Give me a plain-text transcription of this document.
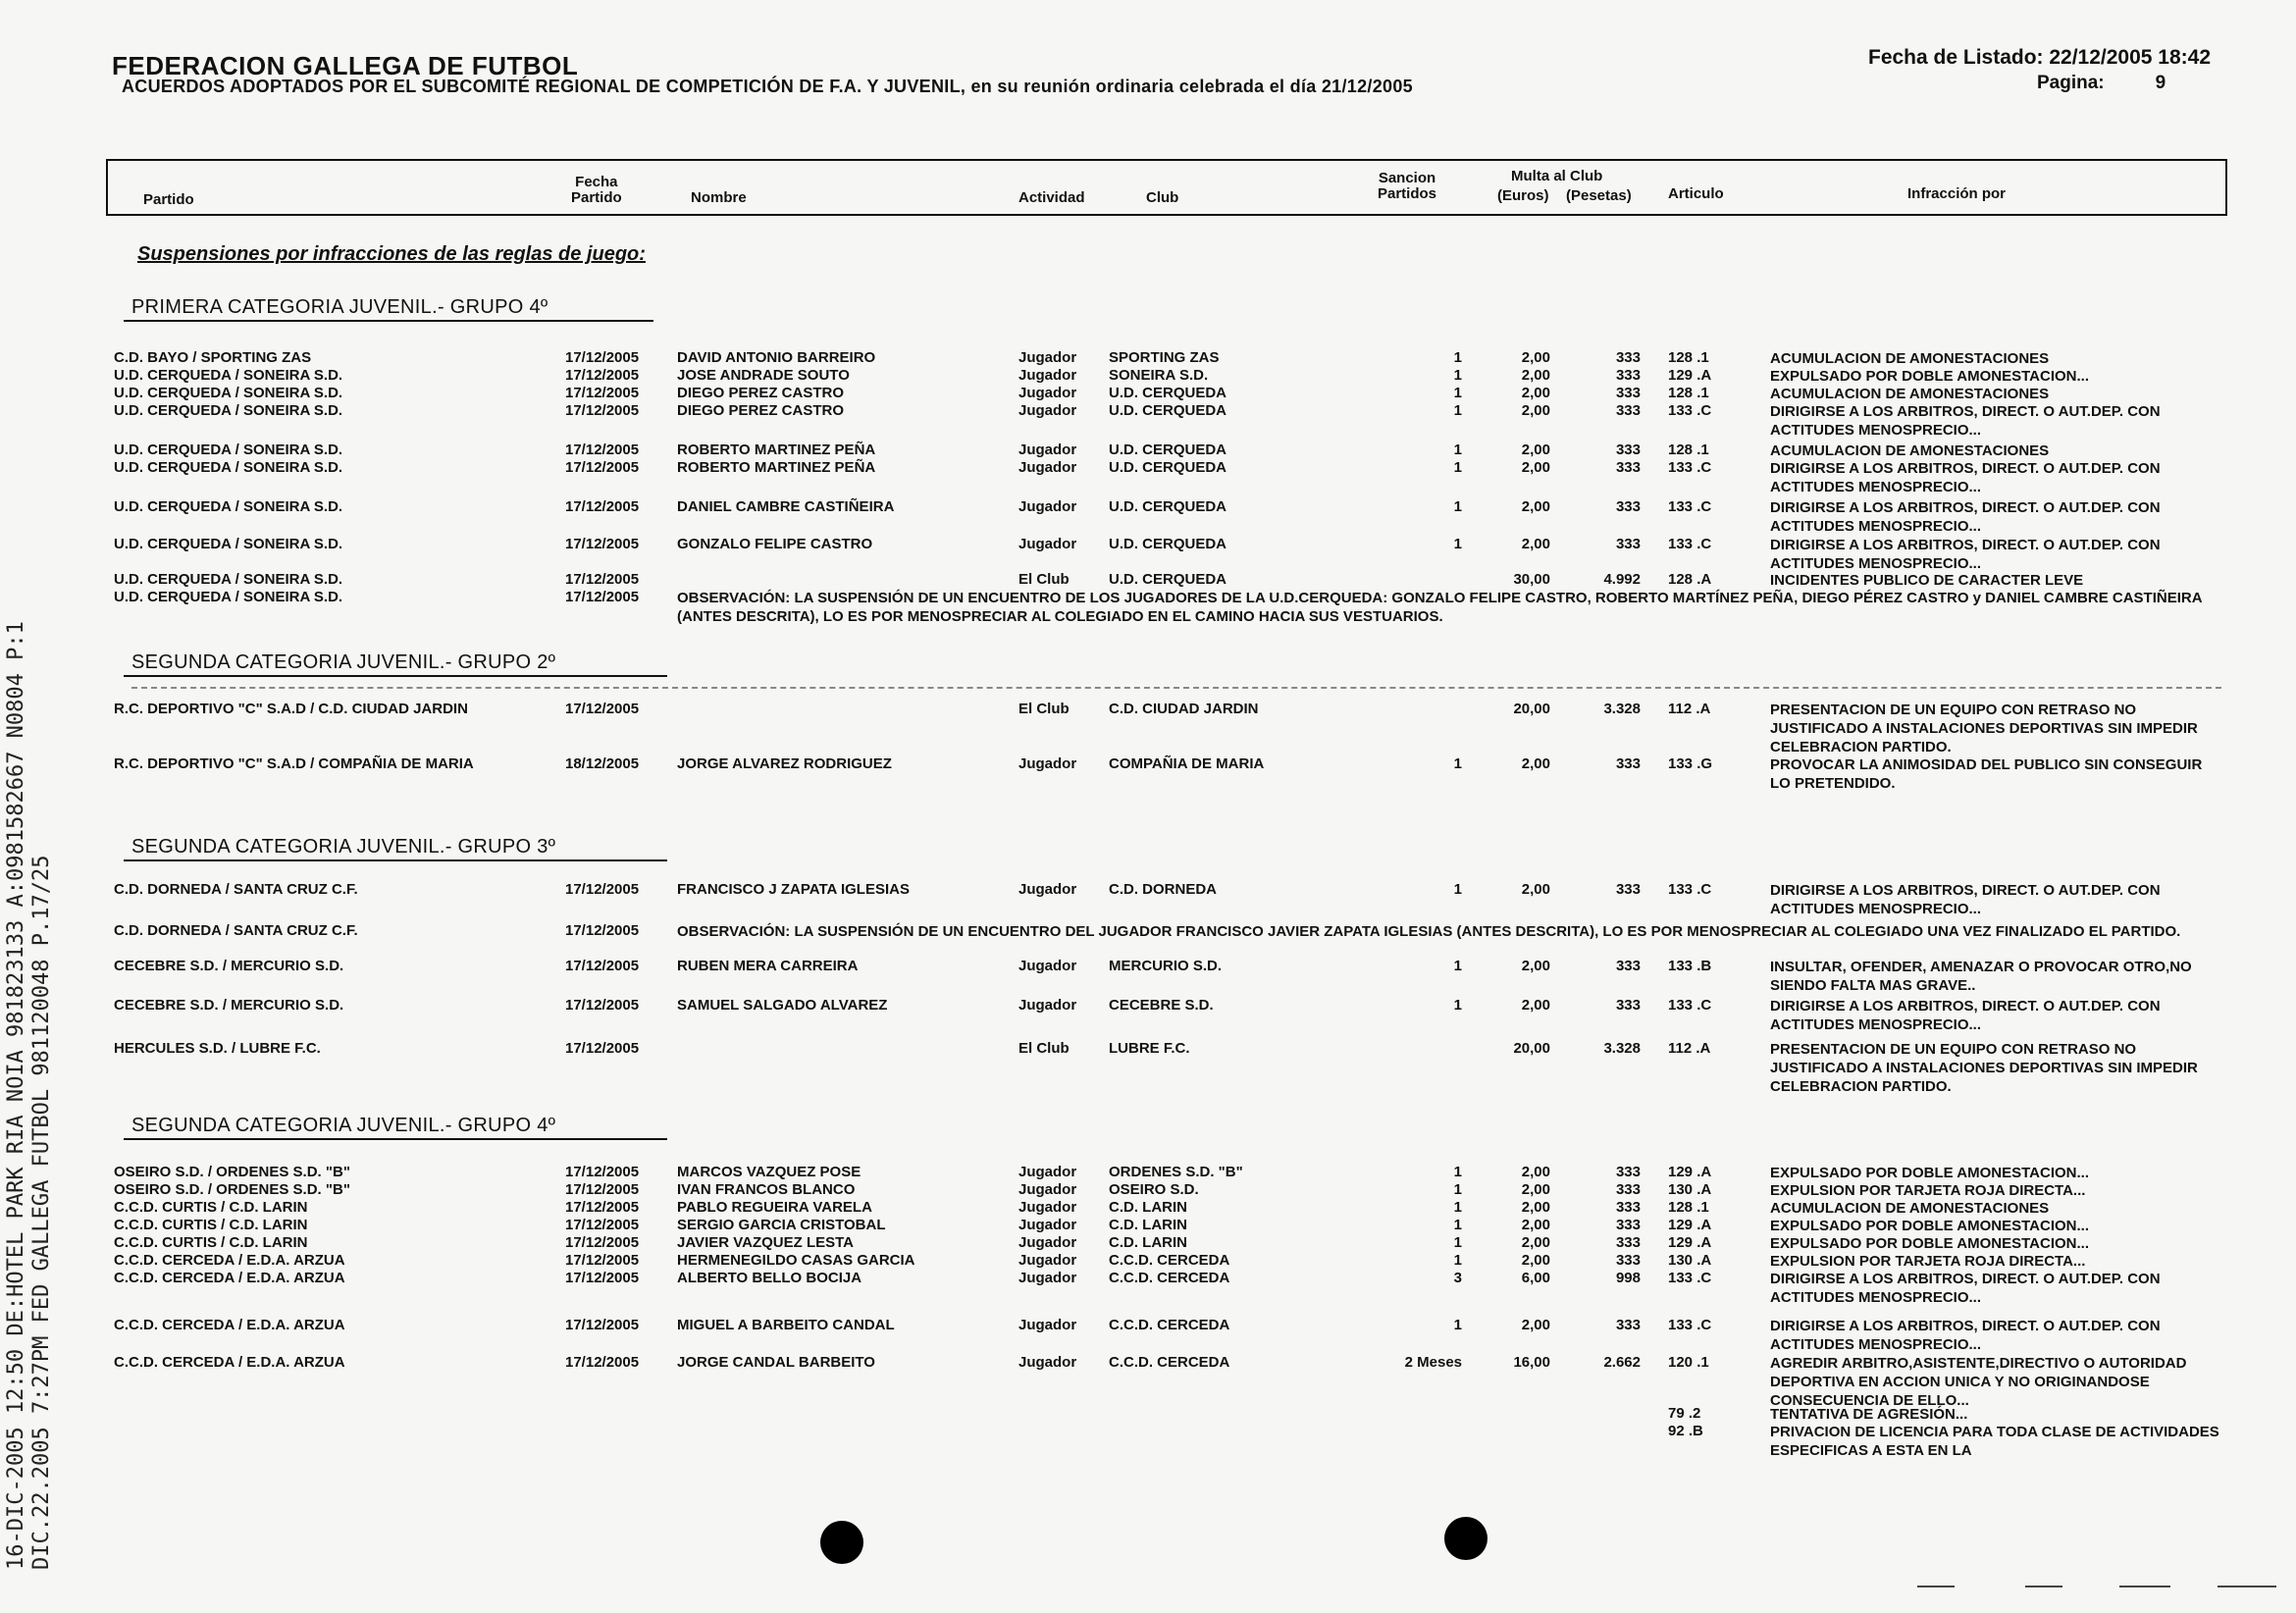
16-DIC-2005 12:50 DE:HOTEL PARK RIA NOIA 981823133 A:0981582667 N0804 P:1 DIC.22.2005 7:27PM FED GALLEGA FUTBOL 981120048 P.17/25
FEDERACION GALLEGA DE FUTBOL
ACUERDOS ADOPTADOS POR EL SUBCOMITÉ REGIONAL DE COMPETICIÓN DE F.A. Y JUVENIL, en su reunión ordinaria celebrada el día 21/12/2005
Fecha de Listado: 22/12/2005 18:42
Pagina:	9
Partido
Fecha
Partido	Nombre	Actividad	Club
Sancion
Partidos
Multa al Club
(Euros) (Pesetas) Articulo	Infracción por
Suspensiones por infracciones de las reglas de juego:
PRIMERA CATEGORIA JUVENIL.- GRUPO 4º
SEGUNDA CATEGORIA JUVENIL.- GRUPO 2º
SEGUNDA CATEGORIA JUVENIL.- GRUPO 3º
SEGUNDA CATEGORIA JUVENIL.- GRUPO 4º
C.D. BAYO / SPORTING ZAS	17/12/2005	DAVID ANTONIO BARREIRO	Jugador	SPORTING ZAS	1	2,00	333 128 .1	ACUMULACION DE AMONESTACIONES
U.D. CERQUEDA / SONEIRA S.D.	17/12/2005	JOSE ANDRADE SOUTO	Jugador	SONEIRA S.D.	1	2,00	333 129 .A	EXPULSADO POR DOBLE AMONESTACION...
U.D. CERQUEDA / SONEIRA S.D.	17/12/2005	DIEGO PEREZ CASTRO	Jugador	U.D. CERQUEDA	1	2,00	333 128 .1	ACUMULACION DE AMONESTACIONES
U.D. CERQUEDA / SONEIRA S.D.	17/12/2005	DIEGO PEREZ CASTRO	Jugador	U.D. CERQUEDA	1	2,00	333 133 .C	DIRIGIRSE A LOS ARBITROS, DIRECT. O AUT.DEP. CON ACTITUDES MENOSPRECIO...
U.D. CERQUEDA / SONEIRA S.D.	17/12/2005	ROBERTO MARTINEZ PEÑA	Jugador	U.D. CERQUEDA	1	2,00	333 128 .1	ACUMULACION DE AMONESTACIONES
U.D. CERQUEDA / SONEIRA S.D.	17/12/2005	ROBERTO MARTINEZ PEÑA	Jugador	U.D. CERQUEDA	1	2,00	333 133 .C	DIRIGIRSE A LOS ARBITROS, DIRECT. O AUT.DEP. CON ACTITUDES MENOSPRECIO...
U.D. CERQUEDA / SONEIRA S.D.	17/12/2005	DANIEL CAMBRE CASTIÑEIRA	Jugador	U.D. CERQUEDA	1	2,00	333 133 .C	DIRIGIRSE A LOS ARBITROS, DIRECT. O AUT.DEP. CON ACTITUDES MENOSPRECIO...
U.D. CERQUEDA / SONEIRA S.D.	17/12/2005	GONZALO FELIPE CASTRO	Jugador	U.D. CERQUEDA	1	2,00	333 133 .C	DIRIGIRSE A LOS ARBITROS, DIRECT. O AUT.DEP. CON ACTITUDES MENOSPRECIO...
U.D. CERQUEDA / SONEIRA S.D.	17/12/2005	El Club	U.D. CERQUEDA	30,00	4.992 128 .A	INCIDENTES PUBLICO DE CARACTER LEVE
U.D. CERQUEDA / SONEIRA S.D.	17/12/2005	OBSERVACIÓN: LA SUSPENSIÓN DE UN ENCUENTRO DE LOS JUGADORES DE LA U.D.CERQUEDA: GONZALO FELIPE CASTRO, ROBERTO MARTÍNEZ PEÑA, DIEGO PÉREZ CASTRO y DANIEL CAMBRE CASTIÑEIRA (ANTES DESCRITA), LO ES POR MENOSPRECIAR AL COLEGIADO EN EL CAMINO HACIA SUS VESTUARIOS.
R.C. DEPORTIVO "C" S.A.D / C.D. CIUDAD JARDIN	17/12/2005	El Club	C.D. CIUDAD JARDIN	20,00	3.328 112 .A	PRESENTACION DE UN EQUIPO CON RETRASO NO JUSTIFICADO A INSTALACIONES DEPORTIVAS SIN IMPEDIR CELEBRACION PARTIDO.
R.C. DEPORTIVO "C" S.A.D / COMPAÑIA DE MARIA	18/12/2005	JORGE ALVAREZ RODRIGUEZ	Jugador	COMPAÑIA DE MARIA	1	2,00	333 133 .G	PROVOCAR LA ANIMOSIDAD DEL PUBLICO SIN CONSEGUIR LO PRETENDIDO.
C.D. DORNEDA / SANTA CRUZ C.F.	17/12/2005	FRANCISCO J ZAPATA IGLESIAS	Jugador	C.D. DORNEDA	1	2,00	333 133 .C	DIRIGIRSE A LOS ARBITROS, DIRECT. O AUT.DEP. CON ACTITUDES MENOSPRECIO...
C.D. DORNEDA / SANTA CRUZ C.F.	17/12/2005	OBSERVACIÓN: LA SUSPENSIÓN DE UN ENCUENTRO DEL JUGADOR FRANCISCO JAVIER ZAPATA IGLESIAS (ANTES DESCRITA), LO ES POR MENOSPRECIAR AL COLEGIADO UNA VEZ FINALIZADO EL PARTIDO.
CECEBRE S.D. / MERCURIO S.D.	17/12/2005	RUBEN MERA CARREIRA	Jugador	MERCURIO S.D.	1	2,00	333 133 .B	INSULTAR, OFENDER, AMENAZAR O PROVOCAR OTRO,NO SIENDO FALTA MAS GRAVE..
CECEBRE S.D. / MERCURIO S.D.	17/12/2005	SAMUEL SALGADO ALVAREZ	Jugador	CECEBRE S.D.	1	2,00	333 133 .C	DIRIGIRSE A LOS ARBITROS, DIRECT. O AUT.DEP. CON ACTITUDES MENOSPRECIO...
HERCULES S.D. / LUBRE F.C.	17/12/2005	El Club	LUBRE F.C.	20,00	3.328 112 .A	PRESENTACION DE UN EQUIPO CON RETRASO NO JUSTIFICADO A INSTALACIONES DEPORTIVAS SIN IMPEDIR CELEBRACION PARTIDO.
OSEIRO S.D. / ORDENES S.D. "B"	17/12/2005	MARCOS VAZQUEZ POSE	Jugador	ORDENES S.D. "B"	1	2,00	333 129 .A	EXPULSADO POR DOBLE AMONESTACION...
OSEIRO S.D. / ORDENES S.D. "B"	17/12/2005	IVAN FRANCOS BLANCO	Jugador	OSEIRO S.D.	1	2,00	333 130 .A	EXPULSION POR TARJETA ROJA DIRECTA...
C.C.D. CURTIS / C.D. LARIN	17/12/2005	PABLO REGUEIRA VARELA	Jugador	C.D. LARIN	1	2,00	333 128 .1	ACUMULACION DE AMONESTACIONES
C.C.D. CURTIS / C.D. LARIN	17/12/2005	SERGIO GARCIA CRISTOBAL	Jugador	C.D. LARIN	1	2,00	333 129 .A	EXPULSADO POR DOBLE AMONESTACION...
C.C.D. CURTIS / C.D. LARIN	17/12/2005	JAVIER VAZQUEZ LESTA	Jugador	C.D. LARIN	1	2,00	333 129 .A	EXPULSADO POR DOBLE AMONESTACION...
C.C.D. CERCEDA / E.D.A. ARZUA	17/12/2005	HERMENEGILDO CASAS GARCIA	Jugador	C.C.D. CERCEDA	1	2,00	333 130 .A	EXPULSION POR TARJETA ROJA DIRECTA...
C.C.D. CERCEDA / E.D.A. ARZUA	17/12/2005	ALBERTO BELLO BOCIJA	Jugador	C.C.D. CERCEDA	3	6,00	998 133 .C	DIRIGIRSE A LOS ARBITROS, DIRECT. O AUT.DEP. CON ACTITUDES MENOSPRECIO...
C.C.D. CERCEDA / E.D.A. ARZUA	17/12/2005	MIGUEL A BARBEITO CANDAL	Jugador	C.C.D. CERCEDA	1	2,00	333 133 .C	DIRIGIRSE A LOS ARBITROS, DIRECT. O AUT.DEP. CON ACTITUDES MENOSPRECIO...
C.C.D. CERCEDA / E.D.A. ARZUA	17/12/2005	JORGE CANDAL BARBEITO	Jugador	C.C.D. CERCEDA	2 Meses	16,00	2.662 120 .1	AGREDIR ARBITRO,ASISTENTE,DIRECTIVO O AUTORIDAD DEPORTIVA EN ACCION UNICA Y NO ORIGINANDOSE CONSECUENCIA DE ELLO...
79 .2	TENTATIVA DE AGRESIÓN...
92 .B	PRIVACION DE LICENCIA PARA TODA CLASE DE ACTIVIDADES ESPECIFICAS A ESTA EN LA
